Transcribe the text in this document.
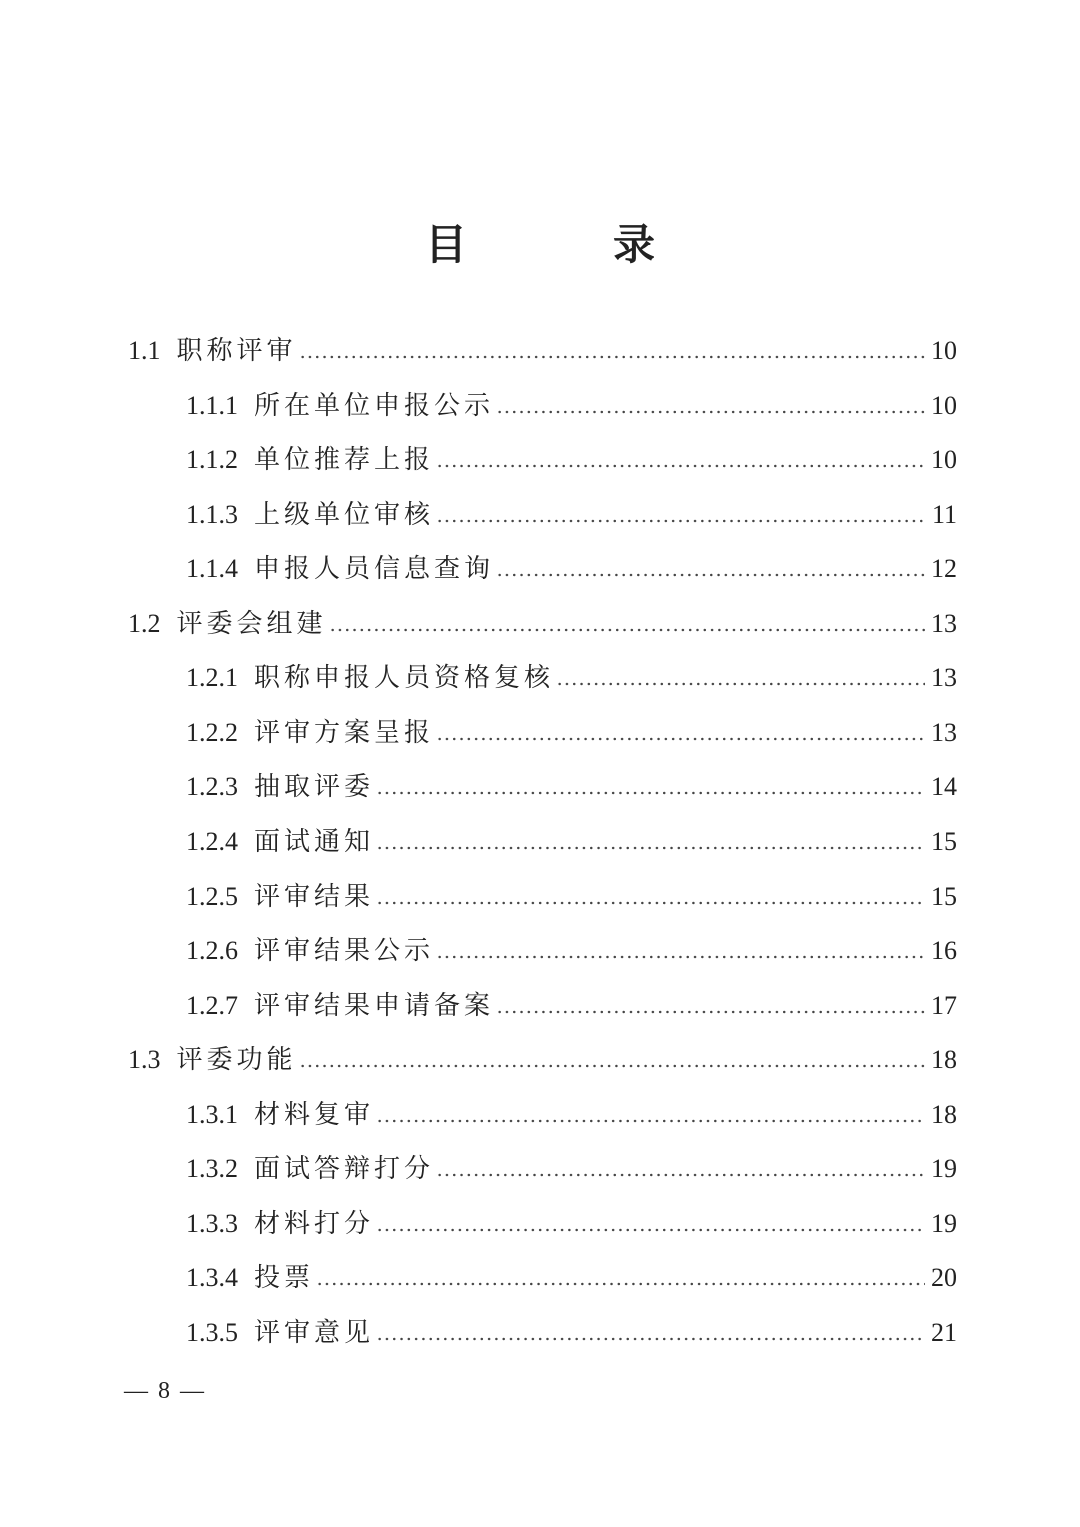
目　录
1.1 职称评审	10
1.1.1 所在单位申报公示	10
1.1.2 单位推荐上报	10
1.1.3 上级单位审核	11
1.1.4 申报人员信息查询	12
1.2 评委会组建	13
1.2.1 职称申报人员资格复核	13
1.2.2 评审方案呈报	13
1.2.3 抽取评委	14
1.2.4 面试通知	15
1.2.5 评审结果	15
1.2.6 评审结果公示	16
1.2.7 评审结果申请备案	17
1.3 评委功能	18
1.3.1 材料复审	18
1.3.2 面试答辩打分	19
1.3.3 材料打分	19
1.3.4 投票	20
1.3.5 评审意见	21
— 8 —
